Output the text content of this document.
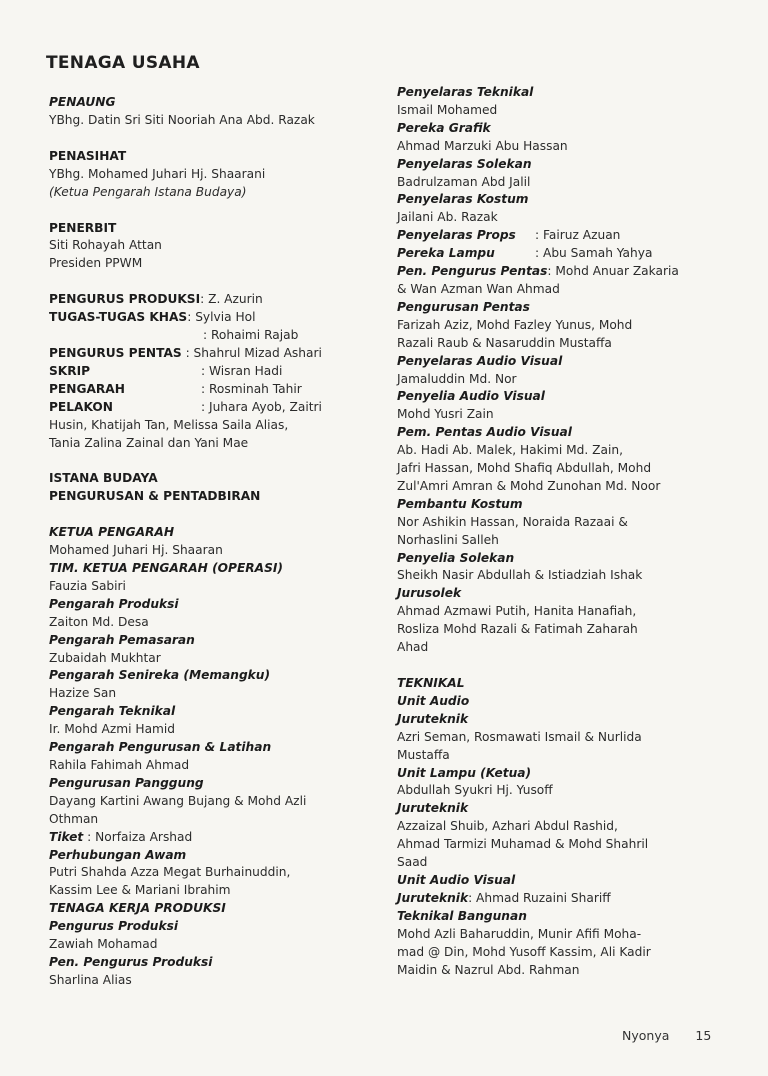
TENAGA USAHA
PENAUNG
YBhg. Datin Sri Siti Nooriah Ana Abd. Razak
PENASIHAT
YBhg. Mohamed Juhari Hj. Shaarani
(Ketua Pengarah Istana Budaya)
PENERBIT
Siti Rohayah Attan
Presiden PPWM
PENGURUS PRODUKSI: Z. Azurin
TUGAS-TUGAS KHAS: Sylvia Hol
: Rohaimi Rajab
PENGURUS PENTAS : Shahrul Mizad Ashari
SKRIP	: Wisran Hadi
PENGARAH	: Rosminah Tahir
PELAKON	: Juhara Ayob, Zaitri
Husin, Khatijah Tan, Melissa Saila Alias,
Tania Zalina Zainal dan Yani Mae
ISTANA BUDAYA
PENGURUSAN & PENTADBIRAN
KETUA PENGARAH
Mohamed Juhari Hj. Shaaran
TIM. KETUA PENGARAH (OPERASI)
Fauzia Sabiri
Pengarah Produksi
Zaiton Md. Desa
Pengarah Pemasaran
Zubaidah Mukhtar
Pengarah Senireka (Memangku)
Hazize San
Pengarah Teknikal
Ir. Mohd Azmi Hamid
Pengarah Pengurusan & Latihan
Rahila Fahimah Ahmad
Pengurusan Panggung
Dayang Kartini Awang Bujang & Mohd Azli
Othman
Tiket : Norfaiza Arshad
Perhubungan Awam
Putri Shahda Azza Megat Burhainuddin,
Kassim Lee & Mariani Ibrahim
TENAGA KERJA PRODUKSI
Pengurus Produksi
Zawiah Mohamad
Pen. Pengurus Produksi
Sharlina Alias
Penyelaras Teknikal
Ismail Mohamed
Pereka Grafik
Ahmad Marzuki Abu Hassan
Penyelaras Solekan
Badrulzaman Abd Jalil
Penyelaras Kostum
Jailani Ab. Razak
Penyelaras Props : Fairuz Azuan
Pereka Lampu	: Abu Samah Yahya
Pen. Pengurus Pentas: Mohd Anuar Zakaria
& Wan Azman Wan Ahmad
Pengurusan Pentas
Farizah Aziz, Mohd Fazley Yunus, Mohd
Razali Raub & Nasaruddin Mustaffa
Penyelaras Audio Visual
Jamaluddin Md. Nor
Penyelia Audio Visual
Mohd Yusri Zain
Pem. Pentas Audio Visual
Ab. Hadi Ab. Malek, Hakimi Md. Zain,
Jafri Hassan, Mohd Shafiq Abdullah, Mohd
Zul'Amri Amran & Mohd Zunohan Md. Noor
Pembantu Kostum
Nor Ashikin Hassan, Noraida Razaai &
Norhaslini Salleh
Penyelia Solekan
Sheikh Nasir Abdullah & Istiadziah Ishak
Jurusolek
Ahmad Azmawi Putih, Hanita Hanafiah,
Rosliza Mohd Razali & Fatimah Zaharah
Ahad
TEKNIKAL
Unit Audio
Juruteknik
Azri Seman, Rosmawati Ismail & Nurlida
Mustaffa
Unit Lampu (Ketua)
Abdullah Syukri Hj. Yusoff
Juruteknik
Azzaizal Shuib, Azhari Abdul Rashid,
Ahmad Tarmizi Muhamad & Mohd Shahril
Saad
Unit Audio Visual
Juruteknik: Ahmad Ruzaini Shariff
Teknikal Bangunan
Mohd Azli Baharuddin, Munir Afifi Moha-
mad @ Din, Mohd Yusoff Kassim, Ali Kadir
Maidin & Nazrul Abd. Rahman
Nyonya 15
